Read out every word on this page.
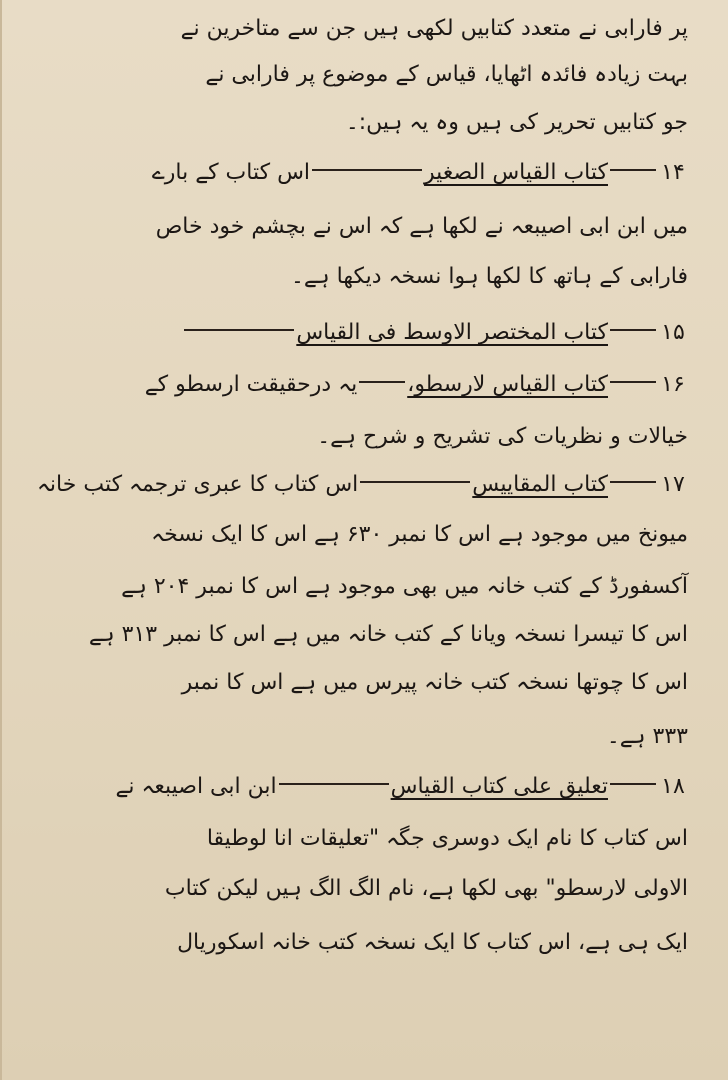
پر فارابی نے متعدد کتابیں لکھی ہیں جن سے متاخرین نے
بہت زیادہ فائدہ اٹھایا، قیاس کے موضوع پر فارابی نے
جو کتابیں تحریر کی ہیں وہ یہ ہیں:۔
۱۴کتاب القیاس الصغیراس کتاب کے بارے
میں ابن ابی اصیبعہ نے لکھا ہے کہ اس نے بچشم خود خاص
فارابی کے ہاتھ کا لکھا ہوا نسخہ دیکھا ہے۔
۱۵کتاب المختصر الاوسط فی القیاس
۱۶کتاب القیاس لارسطو،یہ درحقیقت ارسطو کے
خیالات و نظریات کی تشریح و شرح ہے۔
۱۷کتاب المقاییساس کتاب کا عبری ترجمہ کتب خانہ
میونخ میں موجود ہے اس کا نمبر ۶۳۰ ہے اس کا ایک نسخہ
آکسفورڈ کے کتب خانہ میں بھی موجود ہے اس کا نمبر ۲۰۴ ہے
اس کا تیسرا نسخہ ویانا کے کتب خانہ میں ہے اس کا نمبر ۳۱۳ ہے
اس کا چوتھا نسخہ کتب خانہ پیرس میں ہے اس کا نمبر
۳۳۳ ہے۔
۱۸تعلیق علی کتاب القیاسابن ابی اصیبعہ نے
اس کتاب کا نام ایک دوسری جگہ "تعلیقات انا لوطیقا
الاولی لارسطو" بھی لکھا ہے، نام الگ الگ ہیں لیکن کتاب
ایک ہی ہے، اس کتاب کا ایک نسخہ کتب خانہ اسکوریال
